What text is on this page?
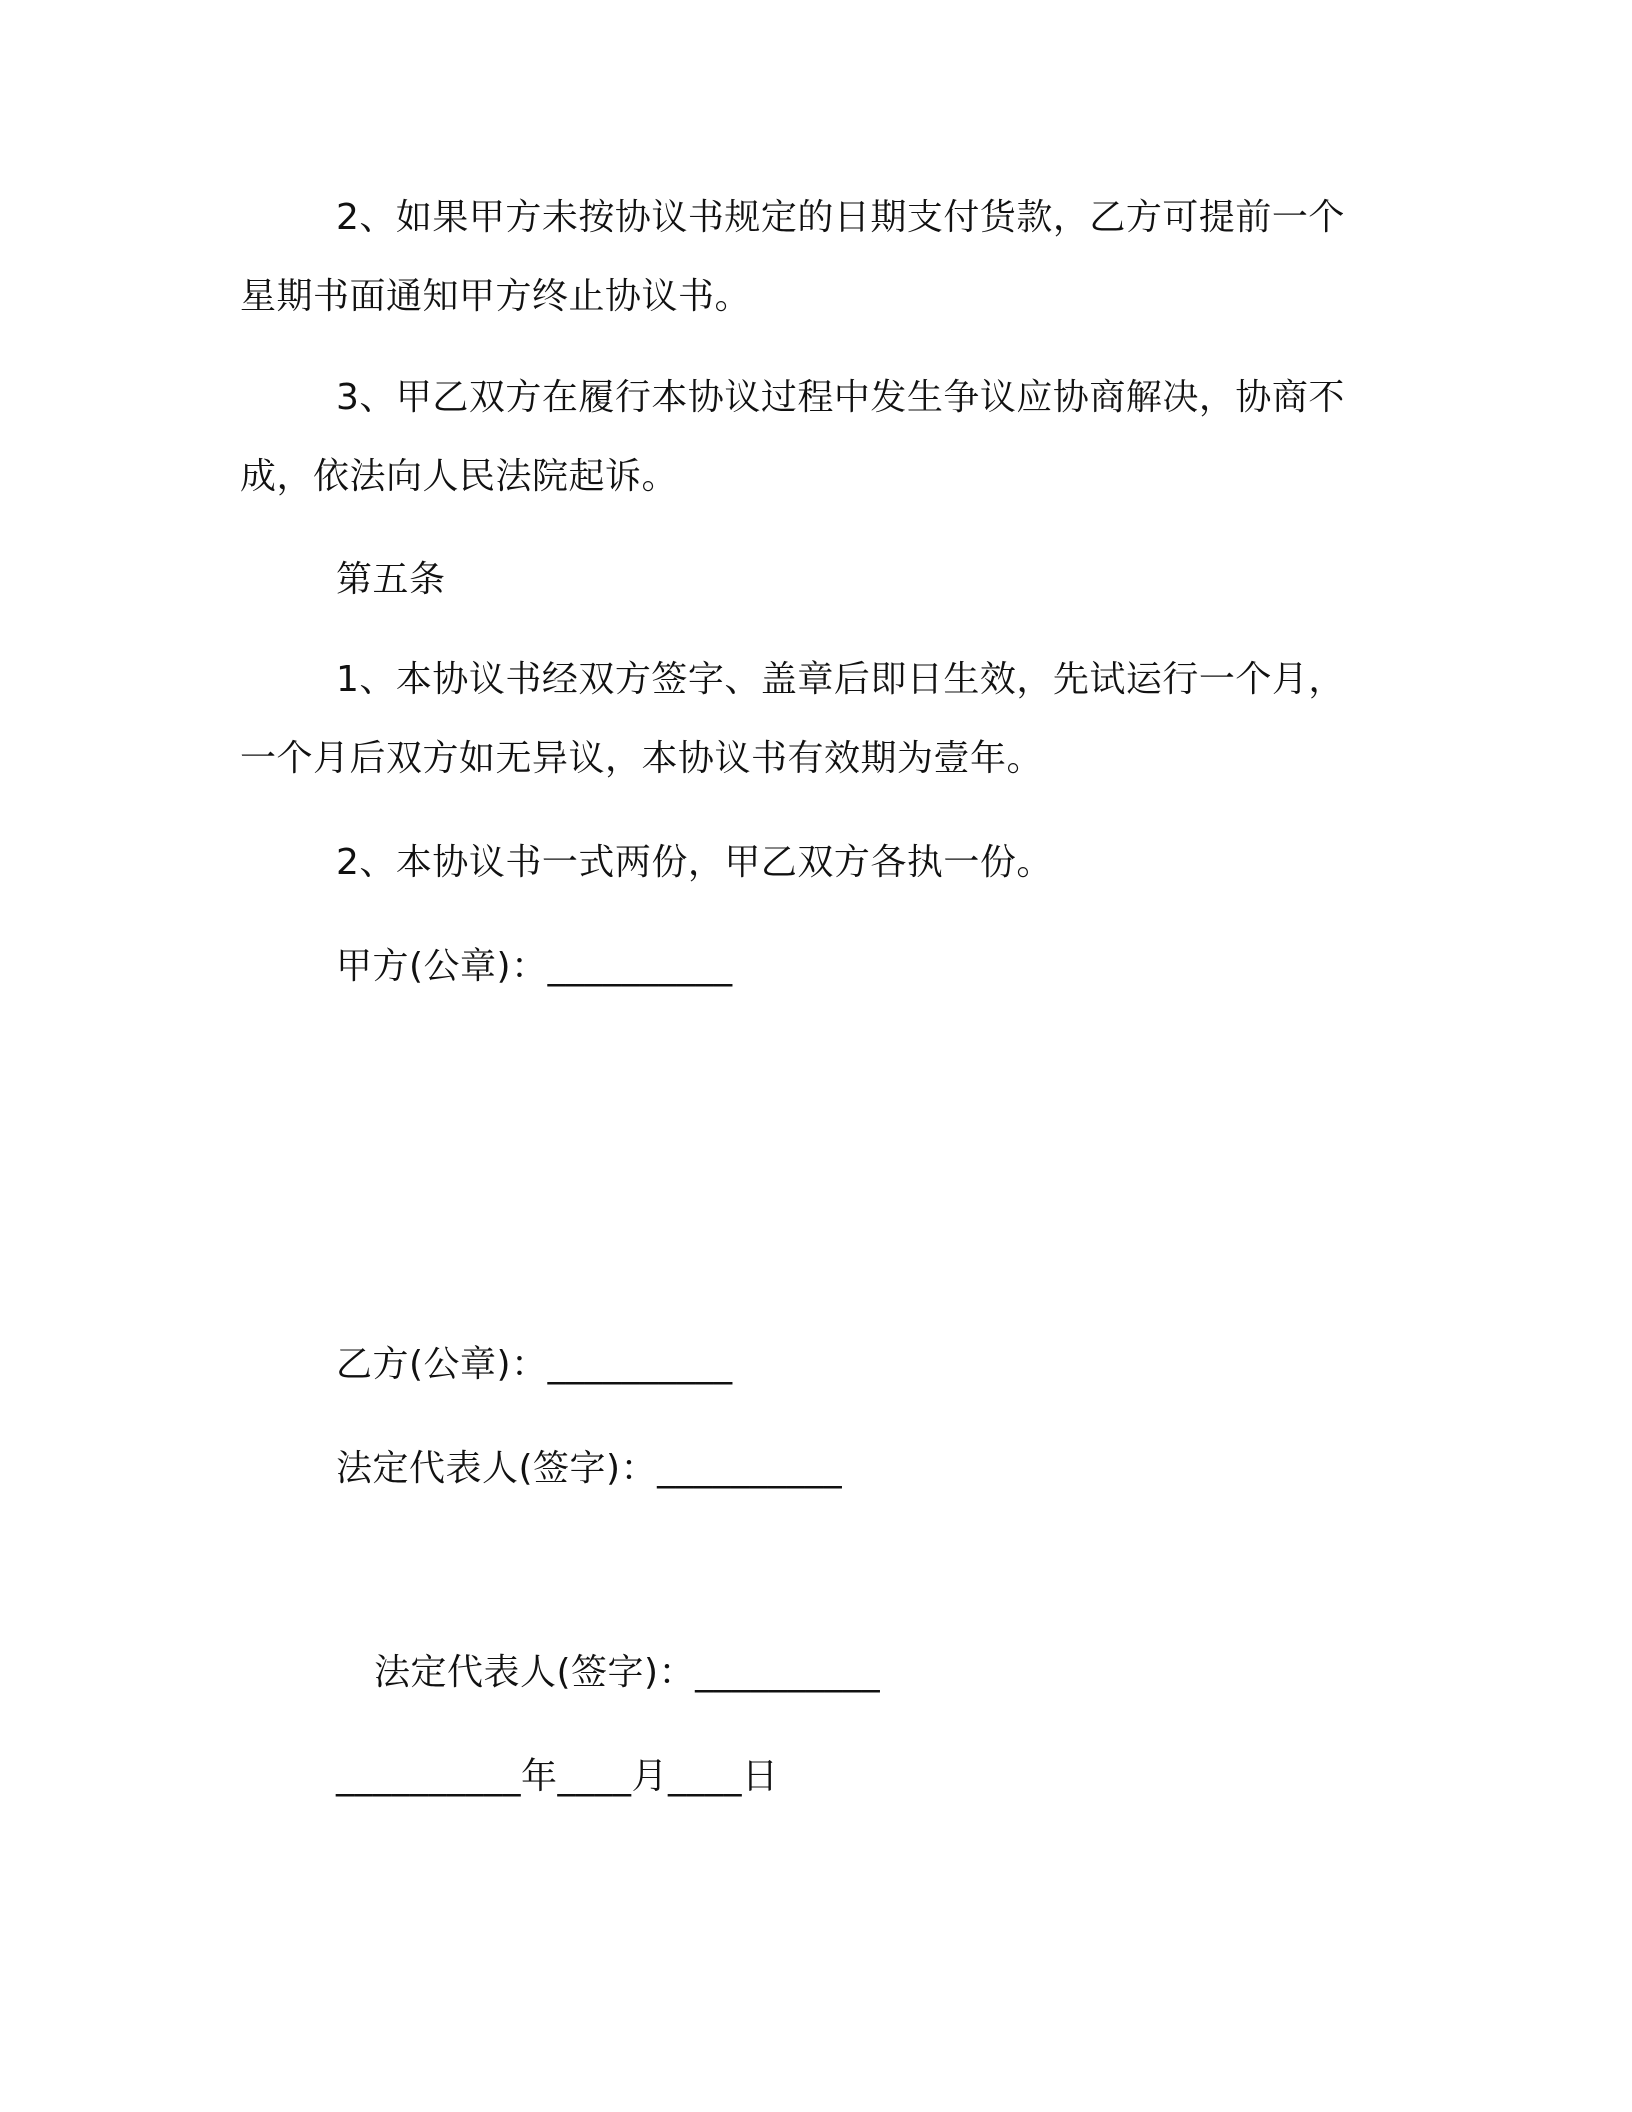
2、如果甲方未按协议书规定的日期支付货款，乙方可提前一个星期书面通知甲方终止协议书。

3、甲乙双方在履行本协议过程中发生争议应协商解决，协商不成，依法向人民法院起诉。

第五条

1、本协议书经双方签字、盖章后即日生效，先试运行一个月，一个月后双方如无异议，本协议书有效期为壹年。

2、本协议书一式两份，甲乙双方各执一份。

甲方(公章)：__________

乙方(公章)：__________

法定代表人(签字)：__________

法定代表人(签字)：__________

__________年____月____日
